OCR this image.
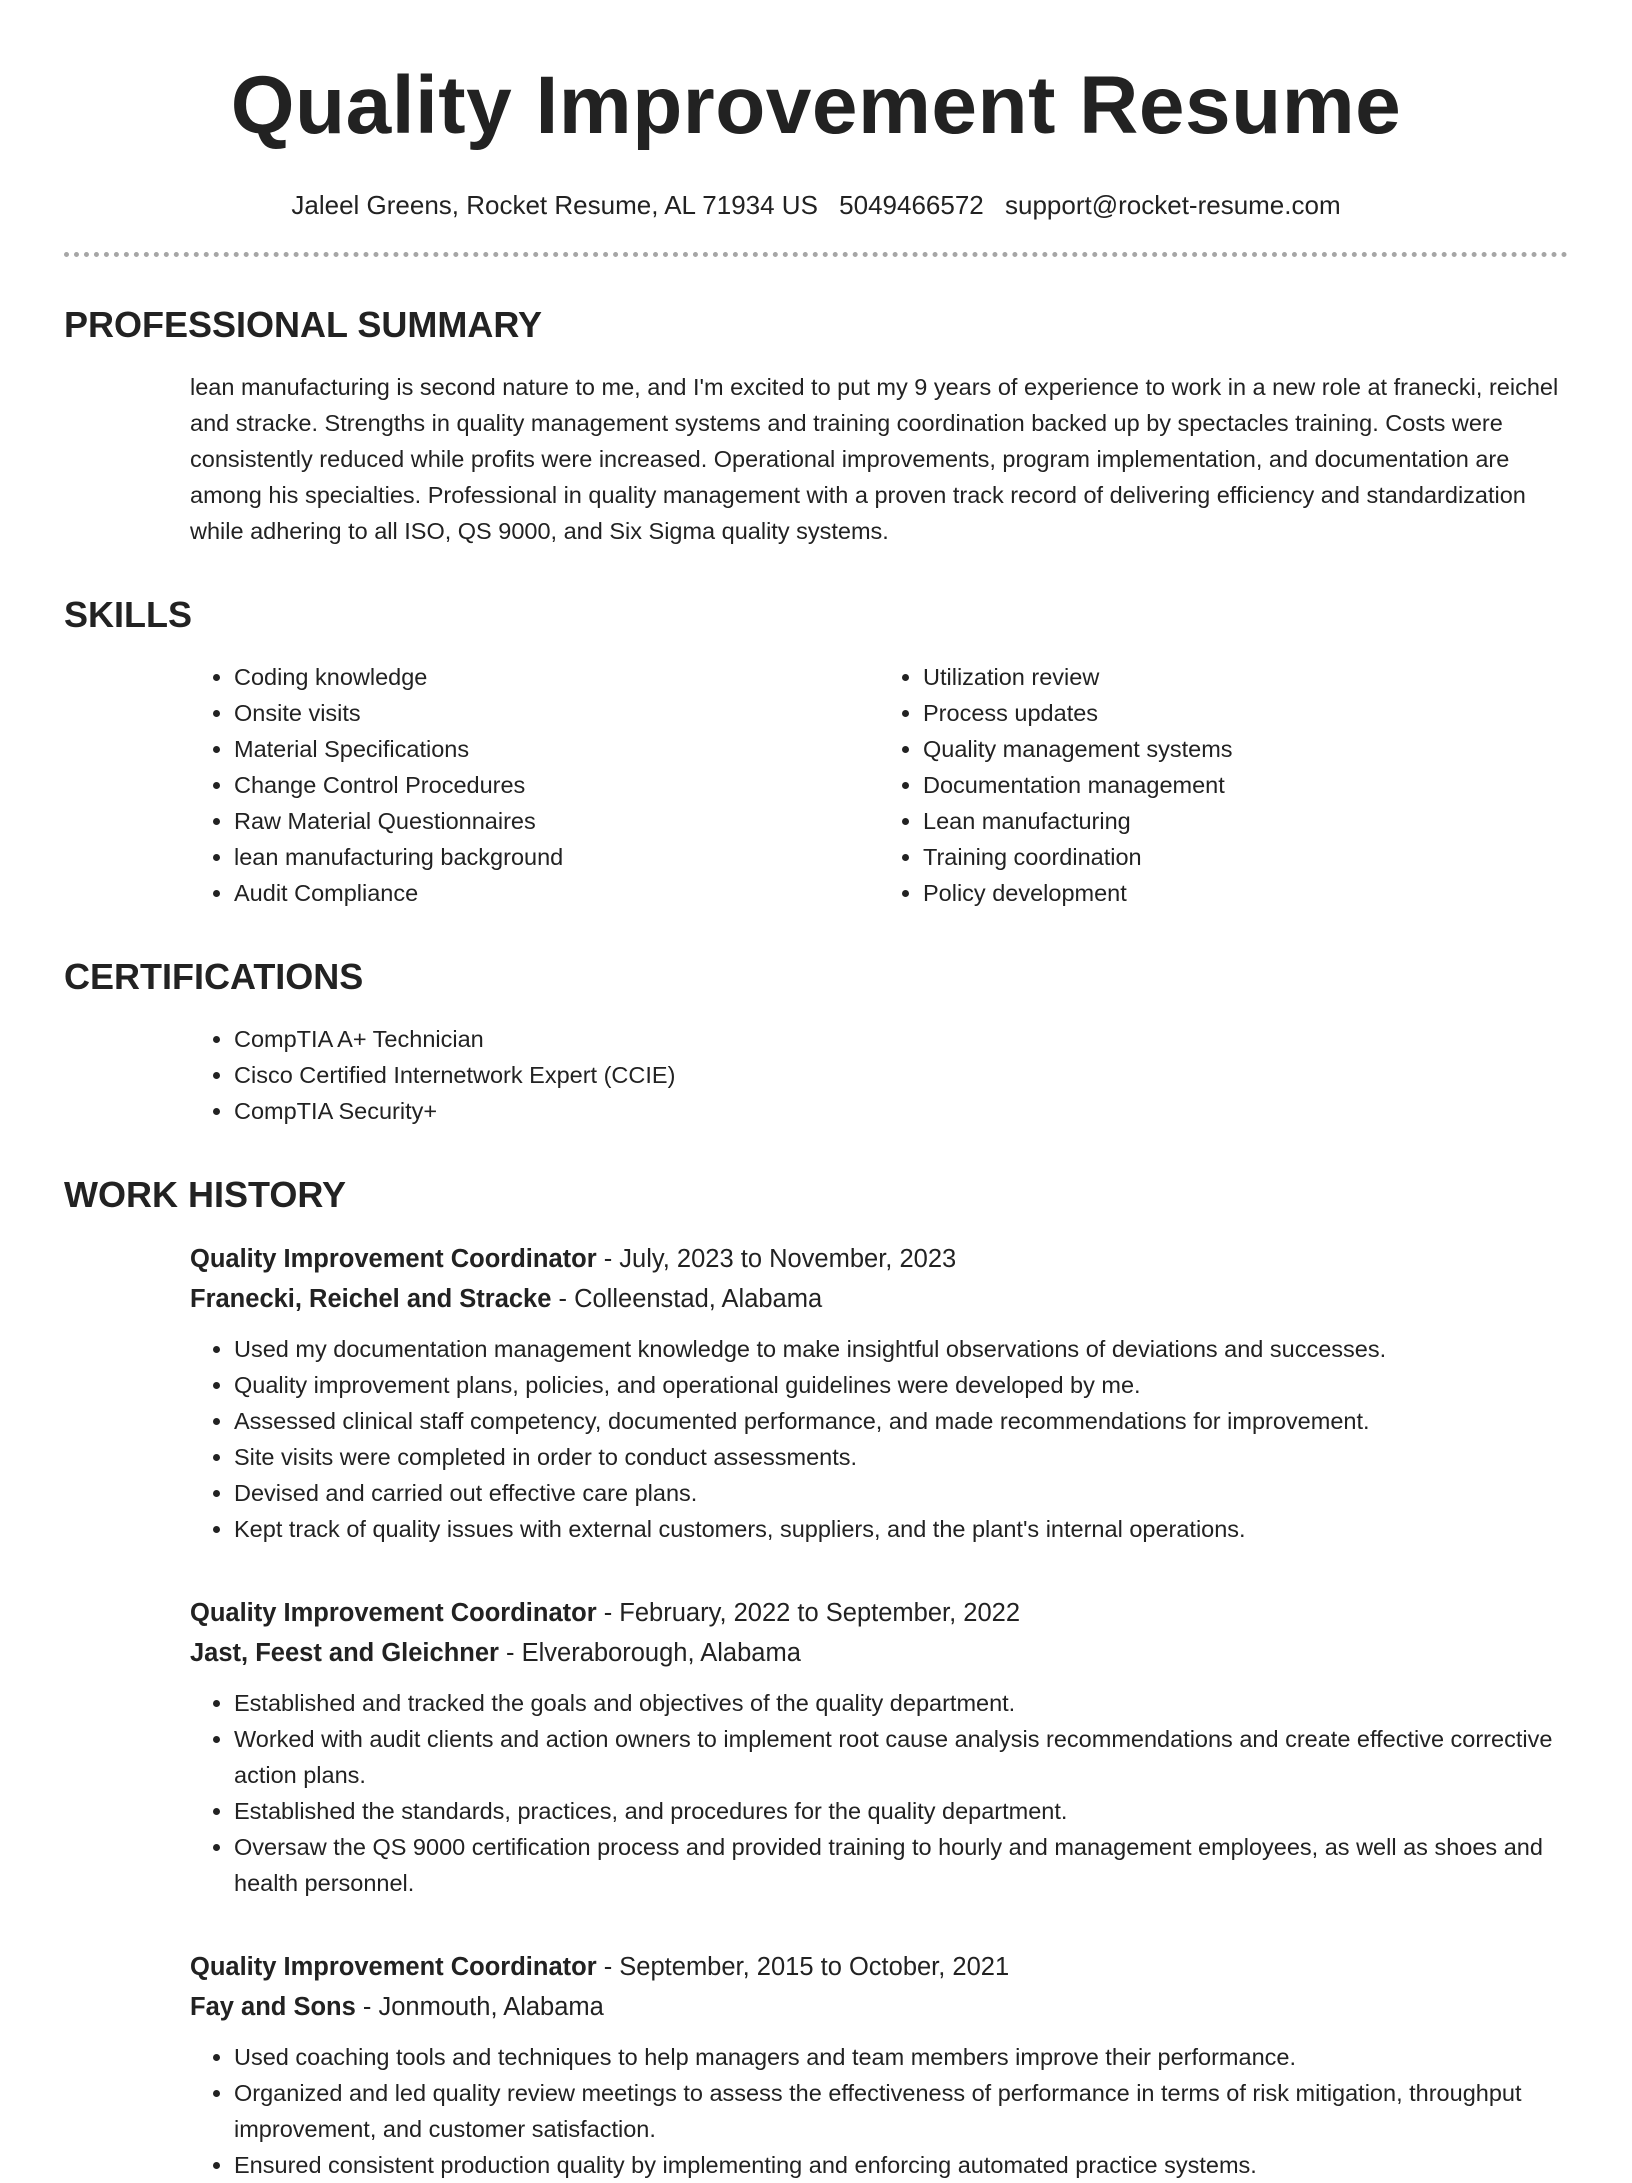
Quality Improvement Resume
Jaleel Greens, Rocket Resume, AL 71934 US 5049466572 support@rocket-resume.com
PROFESSIONAL SUMMARY
lean manufacturing is second nature to me, and I'm excited to put my 9 years of experience to work in a new role at franecki, reichel and stracke. Strengths in quality management systems and training coordination backed up by spectacles training. Costs were consistently reduced while profits were increased. Operational improvements, program implementation, and documentation are among his specialties. Professional in quality management with a proven track record of delivering efficiency and standardization while adhering to all ISO, QS 9000, and Six Sigma quality systems.
SKILLS
• Coding knowledge
• Onsite visits
• Material Specifications
• Change Control Procedures
• Raw Material Questionnaires
• lean manufacturing background
• Audit Compliance
• Utilization review
• Process updates
• Quality management systems
• Documentation management
• Lean manufacturing
• Training coordination
• Policy development
CERTIFICATIONS
• CompTIA A+ Technician
• Cisco Certified Internetwork Expert (CCIE)
• CompTIA Security+
WORK HISTORY
Quality Improvement Coordinator - July, 2023 to November, 2023
Franecki, Reichel and Stracke - Colleenstad, Alabama
• Used my documentation management knowledge to make insightful observations of deviations and successes.
• Quality improvement plans, policies, and operational guidelines were developed by me.
• Assessed clinical staff competency, documented performance, and made recommendations for improvement.
• Site visits were completed in order to conduct assessments.
• Devised and carried out effective care plans.
• Kept track of quality issues with external customers, suppliers, and the plant's internal operations.
Quality Improvement Coordinator - February, 2022 to September, 2022
Jast, Feest and Gleichner - Elveraborough, Alabama
• Established and tracked the goals and objectives of the quality department.
• Worked with audit clients and action owners to implement root cause analysis recommendations and create effective corrective action plans.
• Established the standards, practices, and procedures for the quality department.
• Oversaw the QS 9000 certification process and provided training to hourly and management employees, as well as shoes and health personnel.
Quality Improvement Coordinator - September, 2015 to October, 2021
Fay and Sons - Jonmouth, Alabama
• Used coaching tools and techniques to help managers and team members improve their performance.
• Organized and led quality review meetings to assess the effectiveness of performance in terms of risk mitigation, throughput improvement, and customer satisfaction.
• Ensured consistent production quality by implementing and enforcing automated practice systems.
